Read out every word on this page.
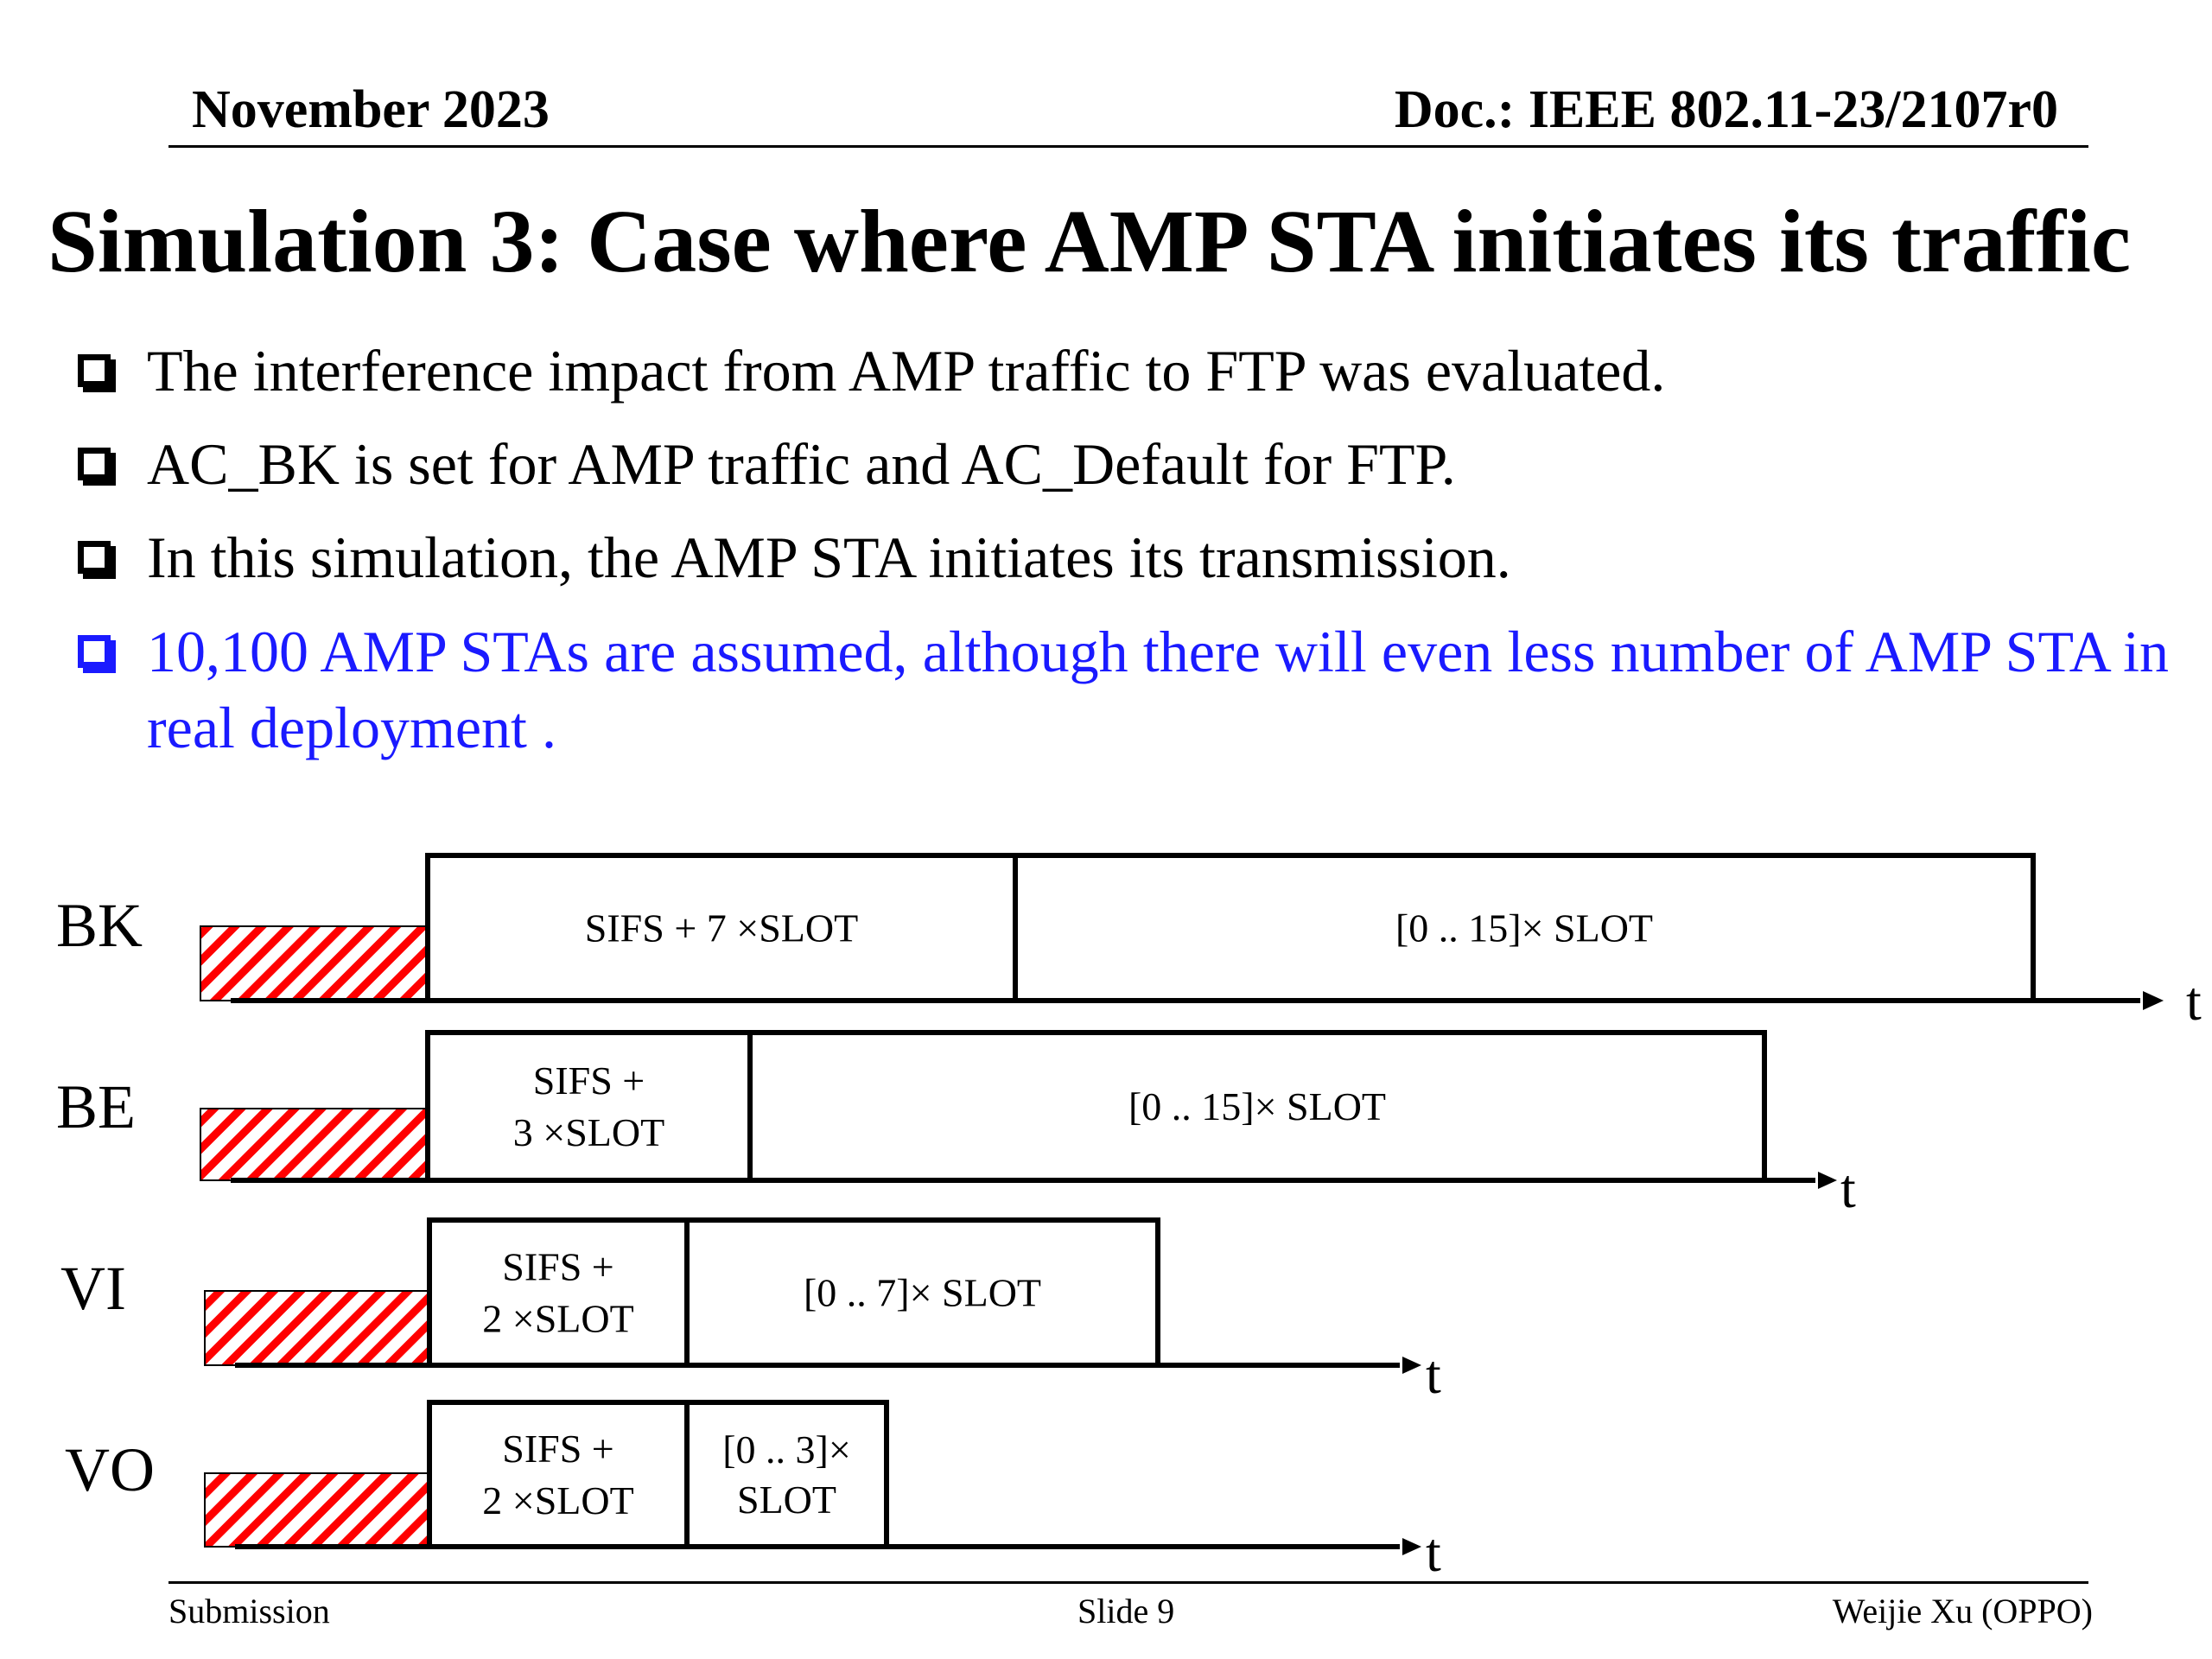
November 2023	Doc.: IEEE 802.11-23/2107r0
Simulation 3: Case where AMP STA initiates its traffic
The interference impact from AMP traffic to FTP was evaluated.
AC_BK is set for AMP traffic and AC_Default for FTP.
In this simulation, the AMP STA initiates its transmission.
10,100 AMP STAs are assumed, although there will even less number of AMP STA in real deployment .
BK
t
SIFS + 7 ×SLOT	[0 .. 15]× SLOT
BE
t
SIFS +
3 ×SLOT
[0 .. 15]× SLOT
VI
t
SIFS +
2 ×SLOT
[0 .. 7]× SLOT
VO
t
SIFS +
2 ×SLOT
[0 .. 3]×
SLOT
Submission	Slide 9	Weijie Xu (OPPO)
